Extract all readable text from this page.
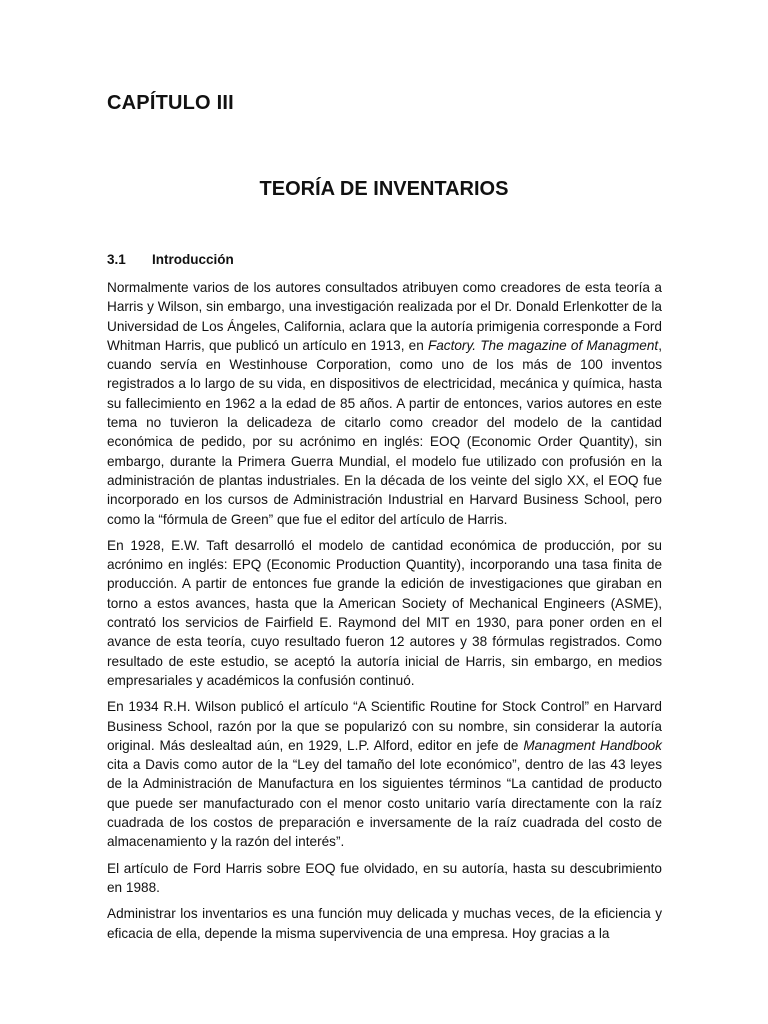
CAPÍTULO III
TEORÍA DE INVENTARIOS
3.1 Introducción

Normalmente varios de los autores consultados atribuyen como creadores de esta teoría a Harris y Wilson, sin embargo, una investigación realizada por el Dr. Donald Erlenkotter de la Universidad de Los Ángeles, California, aclara que la autoría primigenia corresponde a Ford Whitman Harris, que publicó un artículo en 1913, en Factory. The magazine of Managment, cuando servía en Westinhouse Corporation, como uno de los más de 100 inventos registrados a lo largo de su vida, en dispositivos de electricidad, mecánica y química, hasta su fallecimiento en 1962 a la edad de 85 años. A partir de entonces, varios autores en este tema no tuvieron la delicadeza de citarlo como creador del modelo de la cantidad económica de pedido, por su acrónimo en inglés: EOQ (Economic Order Quantity), sin embargo, durante la Primera Guerra Mundial, el modelo fue utilizado con profusión en la administración de plantas industriales. En la década de los veinte del siglo XX, el EOQ fue incorporado en los cursos de Administración Industrial en Harvard Business School, pero como la “fórmula de Green” que fue el editor del artículo de Harris.

En 1928, E.W. Taft desarrolló el modelo de cantidad económica de producción, por su acrónimo en inglés: EPQ (Economic Production Quantity), incorporando una tasa finita de producción. A partir de entonces fue grande la edición de investigaciones que giraban en torno a estos avances, hasta que la American Society of Mechanical Engineers (ASME), contrató los servicios de Fairfield E. Raymond del MIT en 1930, para poner orden en el avance de esta teoría, cuyo resultado fueron 12 autores y 38 fórmulas registrados. Como resultado de este estudio, se aceptó la autoría inicial de Harris, sin embargo, en medios empresariales y académicos la confusión continuó.

En 1934 R.H. Wilson publicó el artículo “A Scientific Routine for Stock Control” en Harvard Business School, razón por la que se popularizó con su nombre, sin considerar la autoría original. Más deslealtad aún, en 1929, L.P. Alford, editor en jefe de Managment Handbook cita a Davis como autor de la “Ley del tamaño del lote económico”, dentro de las 43 leyes de la Administración de Manufactura en los siguientes términos “La cantidad de producto que puede ser manufacturado con el menor costo unitario varía directamente con la raíz cuadrada de los costos de preparación e inversamente de la raíz cuadrada del costo de almacenamiento y la razón del interés”.

El artículo de Ford Harris sobre EOQ fue olvidado, en su autoría, hasta su descubrimiento en 1988.

Administrar los inventarios es una función muy delicada y muchas veces, de la eficiencia y eficacia de ella, depende la misma supervivencia de una empresa. Hoy gracias a la
